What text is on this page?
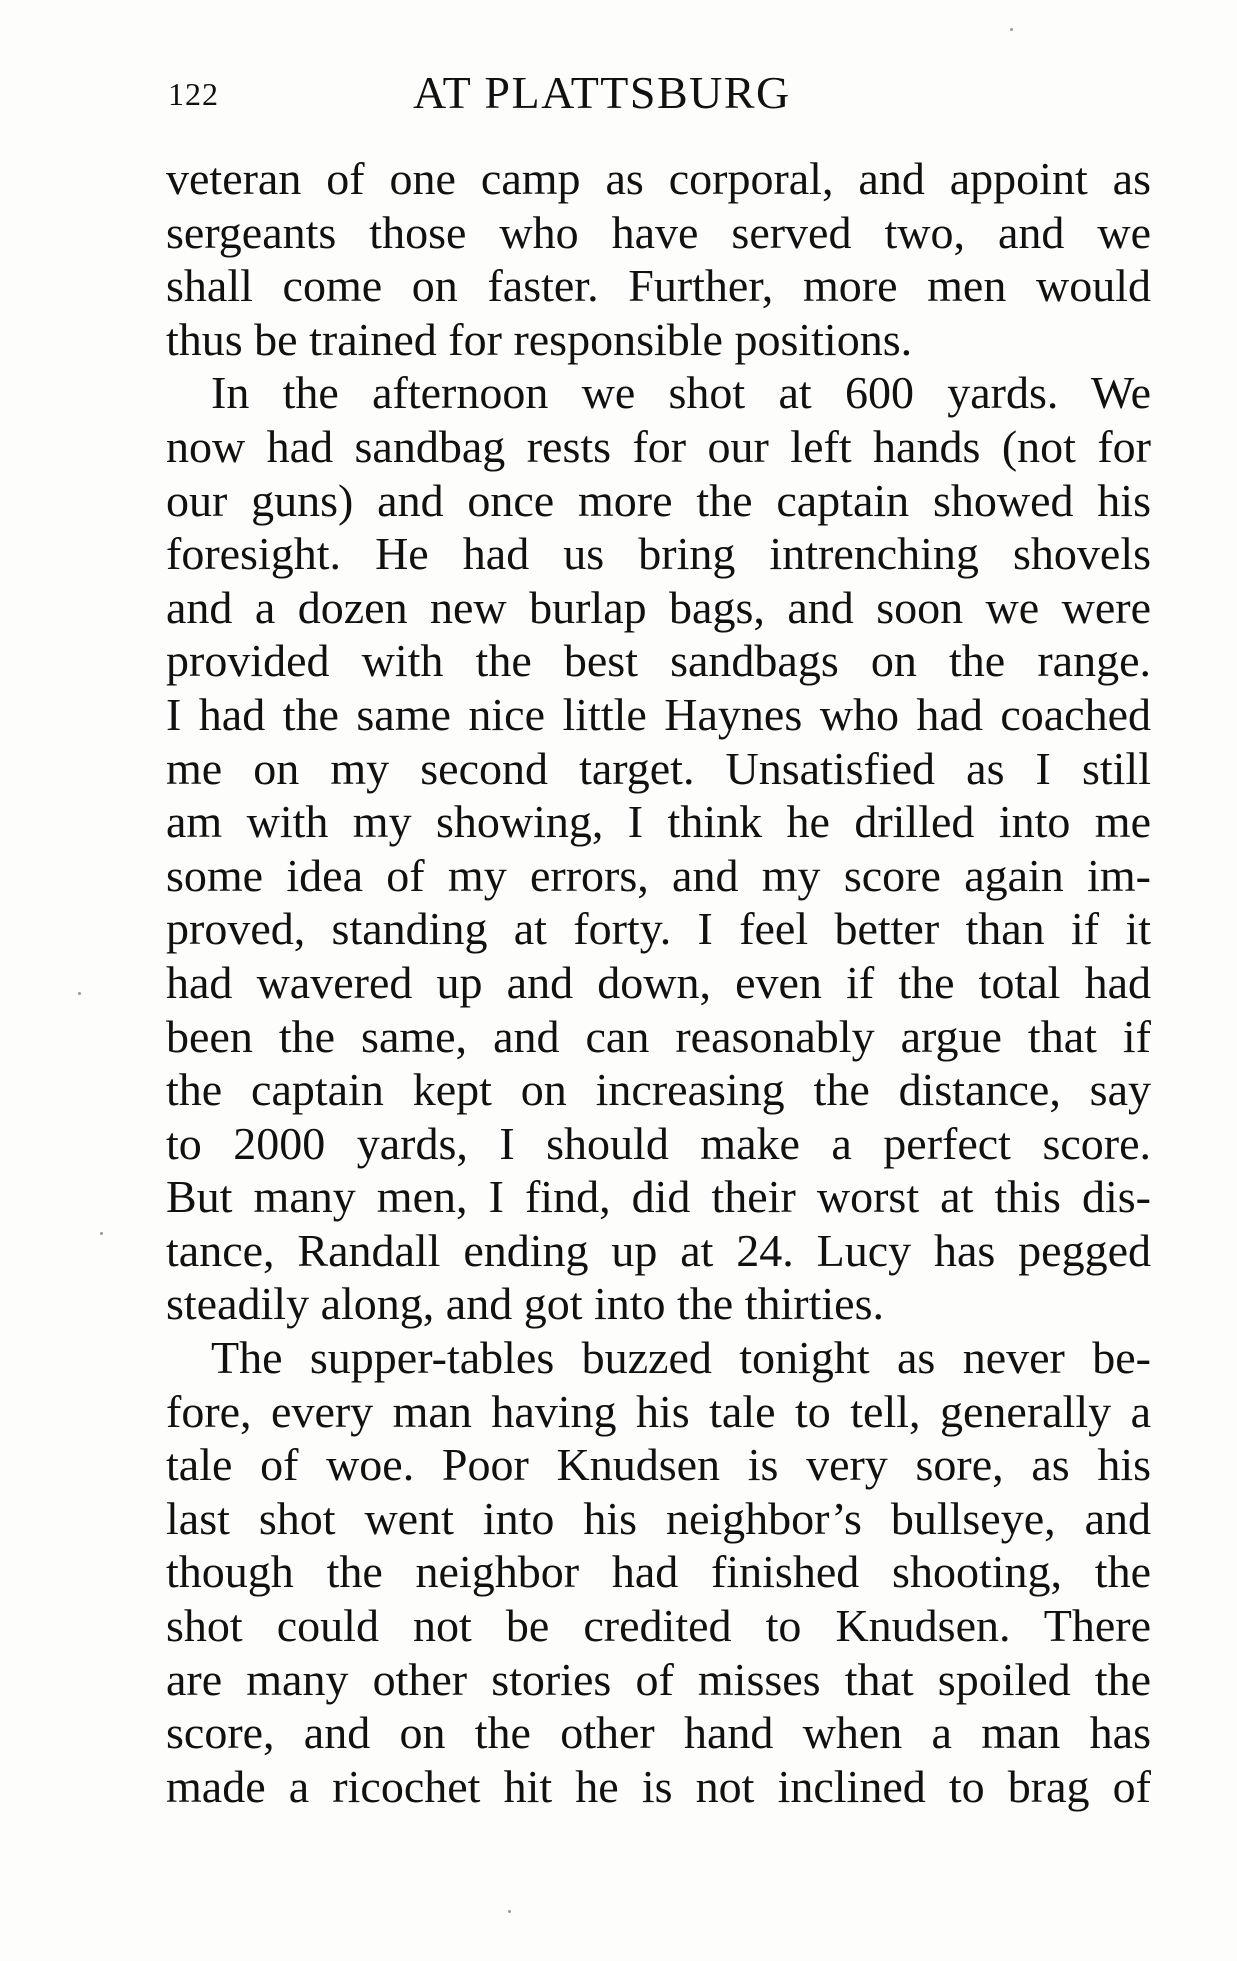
122	AT PLATTSBURG

veteran of one camp as corporal, and appoint as
sergeants those who have served two, and we
shall come on faster. Further, more men would
thus be trained for responsible positions.

In the afternoon we shot at 600 yards. We
now had sandbag rests for our left hands (not for
our guns) and once more the captain showed his
foresight. He had us bring intrenching shovels
and a dozen new burlap bags, and soon we were
provided with the best sandbags on the range.
I had the same nice little Haynes who had coached
me on my second target. Unsatisfied as I still
am with my showing, I think he drilled into me
some idea of my errors, and my score again im-
proved, standing at forty. I feel better than if it
had wavered up and down, even if the total had
been the same, and can reasonably argue that if
the captain kept on increasing the distance, say
to 2000 yards, I should make a perfect score.
But many men, I find, did their worst at this dis-
tance, Randall ending up at 24. Lucy has pegged
steadily along, and got into the thirties.

The supper-tables buzzed tonight as never be-
fore, every man having his tale to tell, generally a
tale of woe. Poor Knudsen is very sore, as his
last shot went into his neighbor’s bullseye, and
though the neighbor had finished shooting, the
shot could not be credited to Knudsen. There
are many other stories of misses that spoiled the
score, and on the other hand when a man has
made a ricochet hit he is not inclined to brag of
